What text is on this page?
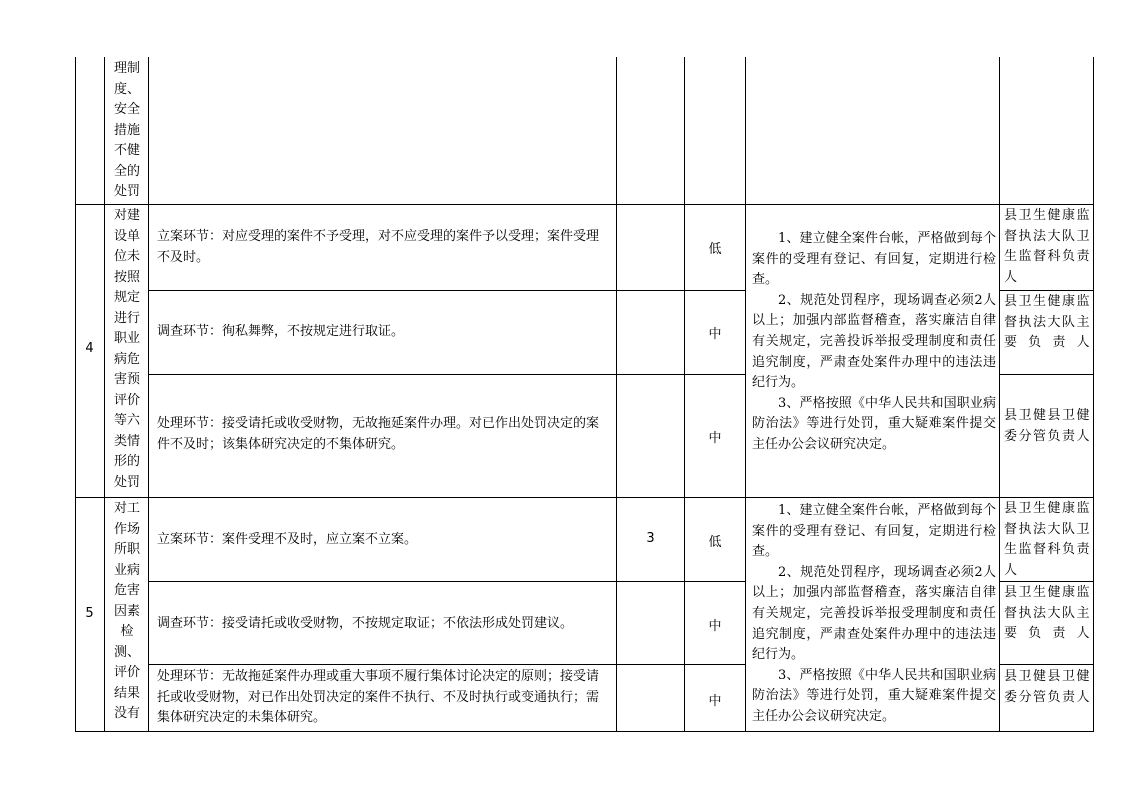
理制度、安全措施不健全的处罚
4
对建设单位未按照规定进行职业病危害预评价等六类情形的处罚
立案环节：对应受理的案件不予受理，对不应受理的案件予以受理；案件受理不及时。
调查环节：徇私舞弊，不按规定进行取证。
处理环节：接受请托或收受财物，无故拖延案件办理。对已作出处罚决定的案件不及时；该集体研究决定的不集体研究。
低
中
中

1、建立健全案件台帐，严格做到每个案件的受理有登记、有回复，定期进行检查。

2、规范处罚程序，现场调查必须2人以上；加强内部监督稽查，落实廉洁自律有关规定，完善投诉举报受理制度和责任追究制度，严肃查处案件办理中的违法违纪行为。

3、严格按照《中华人民共和国职业病防治法》等进行处罚，重大疑难案件提交主任办公会议研究决定。

县卫生健康监督执法大队卫生监督科负责人
县卫生健康监督执法大队主要负责人
县卫健县卫健委分管负责人
5
对工作场所职业病危害因素检测、评价结果没有
立案环节：案件受理不及时，应立案不立案。
调查环节：接受请托或收受财物，不按规定取证；不依法形成处罚建议。
处理环节：无故拖延案件办理或重大事项不履行集体讨论决定的原则；接受请托或收受财物，对已作出处罚决定的案件不执行、不及时执行或变通执行；需集体研究决定的未集体研究。
3	低
中
中

1、建立健全案件台帐，严格做到每个案件的受理有登记、有回复，定期进行检查。

2、规范处罚程序，现场调查必须2人以上；加强内部监督稽查，落实廉洁自律有关规定，完善投诉举报受理制度和责任追究制度，严肃查处案件办理中的违法违纪行为。

3、严格按照《中华人民共和国职业病防治法》等进行处罚，重大疑难案件提交主任办公会议研究决定。

县卫生健康监督执法大队卫生监督科负责人
县卫生健康监督执法大队主要负责人
县卫健县卫健委分管负责人
